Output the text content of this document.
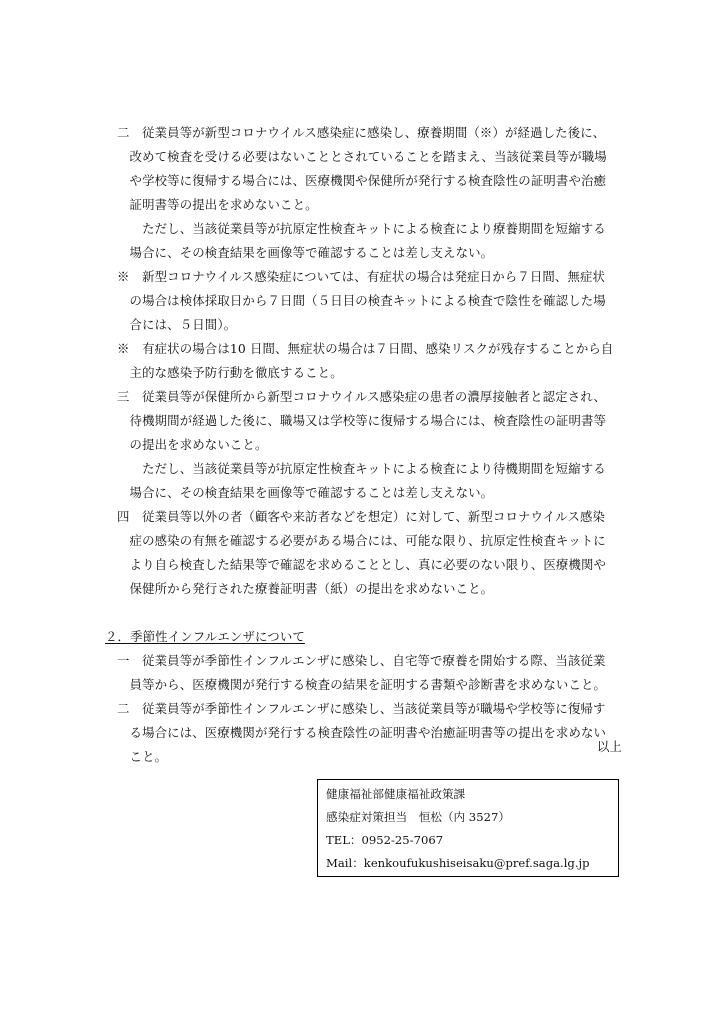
二　従業員等が新型コロナウイルス感染症に感染し、療養期間（※）が経過した後に、
　改めて検査を受ける必要はないこととされていることを踏まえ、当該従業員等が職場
　や学校等に復帰する場合には、医療機関や保健所が発行する検査陰性の証明書や治癒
　証明書等の提出を求めないこと。
　　ただし、当該従業員等が抗原定性検査キットによる検査により療養期間を短縮する
　場合に、その検査結果を画像等で確認することは差し支えない。
※　新型コロナウイルス感染症については、有症状の場合は発症日から７日間、無症状
　の場合は検体採取日から７日間（５日目の検査キットによる検査で陰性を確認した場
　合には、５日間）。
※　有症状の場合は10 日間、無症状の場合は７日間、感染リスクが残存することから自
　主的な感染予防行動を徹底すること。
三　従業員等が保健所から新型コロナウイルス感染症の患者の濃厚接触者と認定され、
　待機期間が経過した後に、職場又は学校等に復帰する場合には、検査陰性の証明書等
　の提出を求めないこと。
　　ただし、当該従業員等が抗原定性検査キットによる検査により待機期間を短縮する
　場合に、その検査結果を画像等で確認することは差し支えない。
四　従業員等以外の者（顧客や来訪者などを想定）に対して、新型コロナウイルス感染
　症の感染の有無を確認する必要がある場合には、可能な限り、抗原定性検査キットに
　より自ら検査した結果等で確認を求めることとし、真に必要のない限り、医療機関や
　保健所から発行された療養証明書（紙）の提出を求めないこと。
２．季節性インフルエンザについて
一　従業員等が季節性インフルエンザに感染し、自宅等で療養を開始する際、当該従業
　員等から、医療機関が発行する検査の結果を証明する書類や診断書を求めないこと。
二　従業員等が季節性インフルエンザに感染し、当該従業員等が職場や学校等に復帰す
　る場合には、医療機関が発行する検査陰性の証明書や治癒証明書等の提出を求めない
　こと。
以上
健康福祉部健康福祉政策課
感染症対策担当　恒松（内 3527）
TEL：0952-25-7067
Mail：kenkoufukushiseisaku@pref.saga.lg.jp
